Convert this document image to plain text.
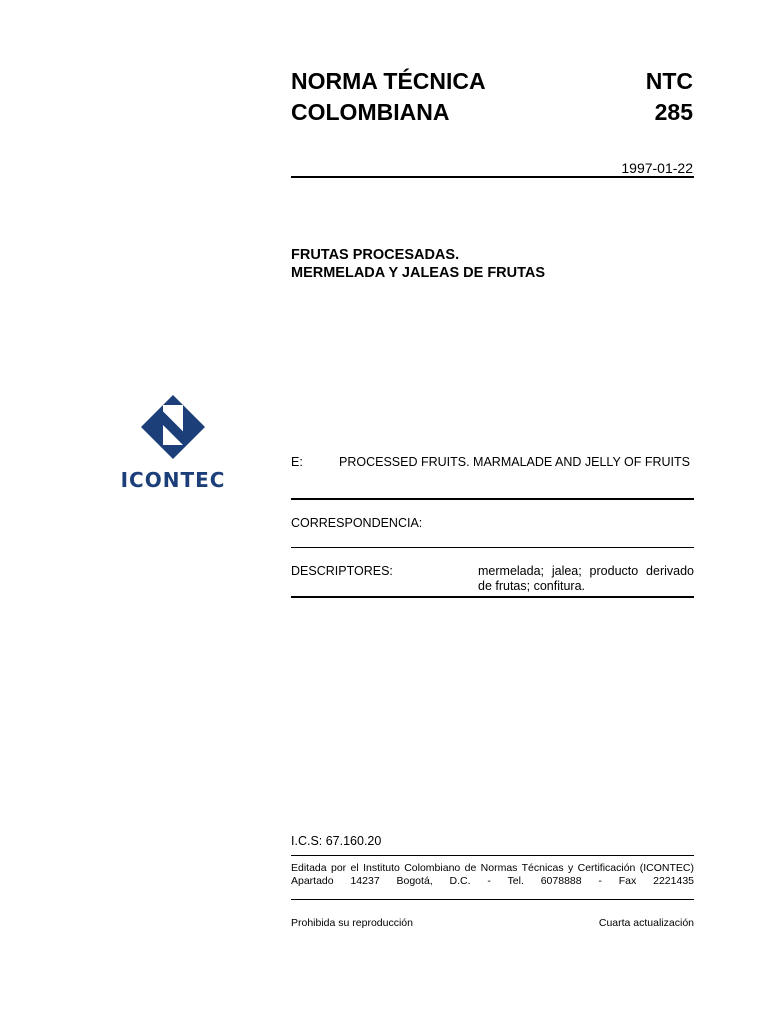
NORMA TÉCNICA
COLOMBIANA
NTC
285
1997-01-22
FRUTAS PROCESADAS.
MERMELADA Y JALEAS DE FRUTAS
ICONTEC
E:	PROCESSED FRUITS. MARMALADE AND JELLY OF FRUITS
CORRESPONDENCIA:
DESCRIPTORES:	mermelada; jalea; producto derivado de frutas; confitura.
I.C.S: 67.160.20
Editada por el Instituto Colombiano de Normas Técnicas y Certificación (ICONTEC)
Apartado 14237 Bogotá, D.C. - Tel. 6078888 - Fax 2221435
Prohibida su reproducción	Cuarta actualización
